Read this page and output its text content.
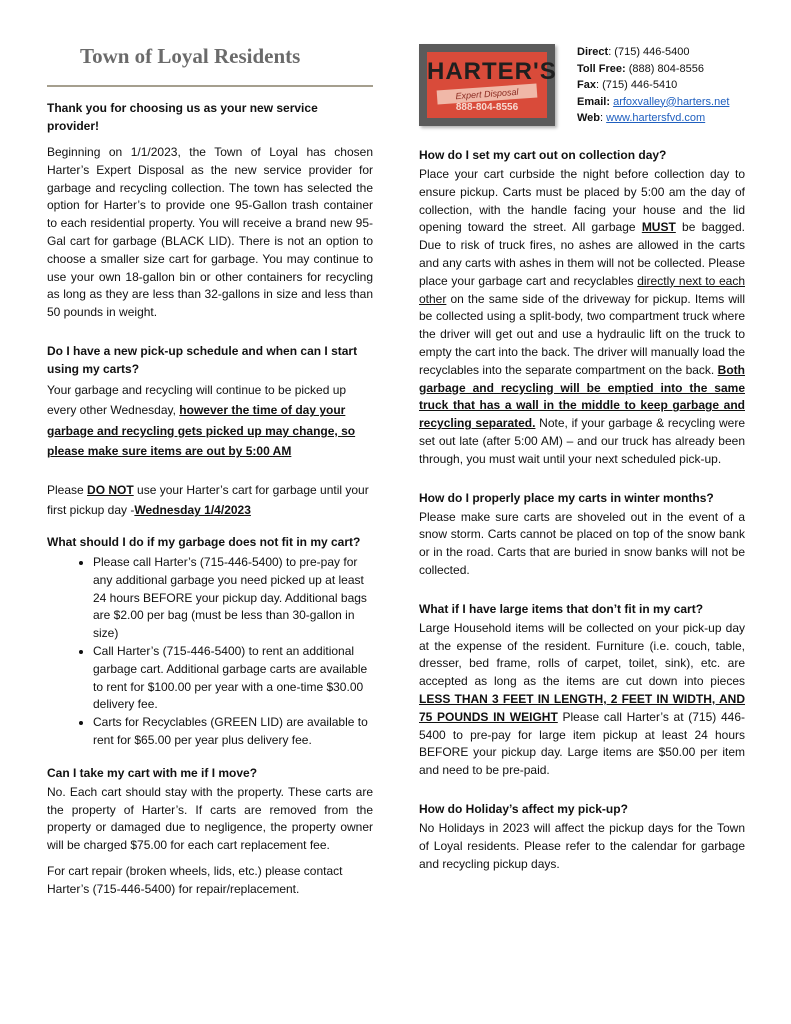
Town of Loyal Residents
HARTER'S
Expert Disposal
888-804-8556
Direct: (715) 446-5400
Toll Free: (888) 804-8556
Fax: (715) 446-5410
Email: arfoxvalley@harters.net
Web: www.hartersfvd.com

Thank you for choosing us as your new service provider!

Beginning on 1/1/2023, the Town of Loyal has chosen Harter’s Expert Disposal as the new service provider for garbage and recycling collection. The town has selected the option for Harter’s to provide one 95-Gallon trash container to each residential property. You will receive a brand new 95-Gal cart for garbage (BLACK LID). There is not an option to choose a smaller size cart for garbage. You may continue to use your own 18-gallon bin or other containers for recycling as long as they are less than 32-gallons in size and less than 50 pounds in weight.

Do I have a new pick-up schedule and when can I start using my carts?

Your garbage and recycling will continue to be picked up every other Wednesday, however the time of day your garbage and recycling gets picked up may change, so please make sure items are out by 5:00 AM

Please DO NOT use your Harter’s cart for garbage until your first pickup day -Wednesday 1/4/2023

What should I do if my garbage does not fit in my cart?

• Please call Harter’s (715-446-5400) to pre-pay for any additional garbage you need picked up at least 24 hours BEFORE your pickup day. Additional bags are $2.00 per bag (must be less than 30-gallon in size)
• Call Harter’s (715-446-5400) to rent an additional garbage cart. Additional garbage carts are available to rent for $100.00 per year with a one-time $30.00 delivery fee.
• Carts for Recyclables (GREEN LID) are available to rent for $65.00 per year plus delivery fee.

Can I take my cart with me if I move?

No. Each cart should stay with the property. These carts are the property of Harter’s. If carts are removed from the property or damaged due to negligence, the property owner will be charged $75.00 for each cart replacement fee.

For cart repair (broken wheels, lids, etc.) please contact Harter’s (715-446-5400) for repair/replacement.

How do I set my cart out on collection day?

Place your cart curbside the night before collection day to ensure pickup. Carts must be placed by 5:00 am the day of collection, with the handle facing your house and the lid opening toward the street. All garbage MUST be bagged. Due to risk of truck fires, no ashes are allowed in the carts and any carts with ashes in them will not be collected. Please place your garbage cart and recyclables directly next to each other on the same side of the driveway for pickup. Items will be collected using a split-body, two compartment truck where the driver will get out and use a hydraulic lift on the truck to empty the cart into the back. The driver will manually load the recyclables into the separate compartment on the back. Both garbage and recycling will be emptied into the same truck that has a wall in the middle to keep garbage and recycling separated. Note, if your garbage & recycling were set out late (after 5:00 AM) – and our truck has already been through, you must wait until your next scheduled pick-up.

How do I properly place my carts in winter months?

Please make sure carts are shoveled out in the event of a snow storm. Carts cannot be placed on top of the snow bank or in the road. Carts that are buried in snow banks will not be collected.

What if I have large items that don’t fit in my cart?

Large Household items will be collected on your pick-up day at the expense of the resident. Furniture (i.e. couch, table, dresser, bed frame, rolls of carpet, toilet, sink), etc. are accepted as long as the items are cut down into pieces LESS THAN 3 FEET IN LENGTH, 2 FEET IN WIDTH, AND 75 POUNDS IN WEIGHT Please call Harter’s at (715) 446-5400 to pre-pay for large item pickup at least 24 hours BEFORE your pickup day. Large items are $50.00 per item and need to be pre-paid.

How do Holiday’s affect my pick-up?

No Holidays in 2023 will affect the pickup days for the Town of Loyal residents. Please refer to the calendar for garbage and recycling pickup days.
